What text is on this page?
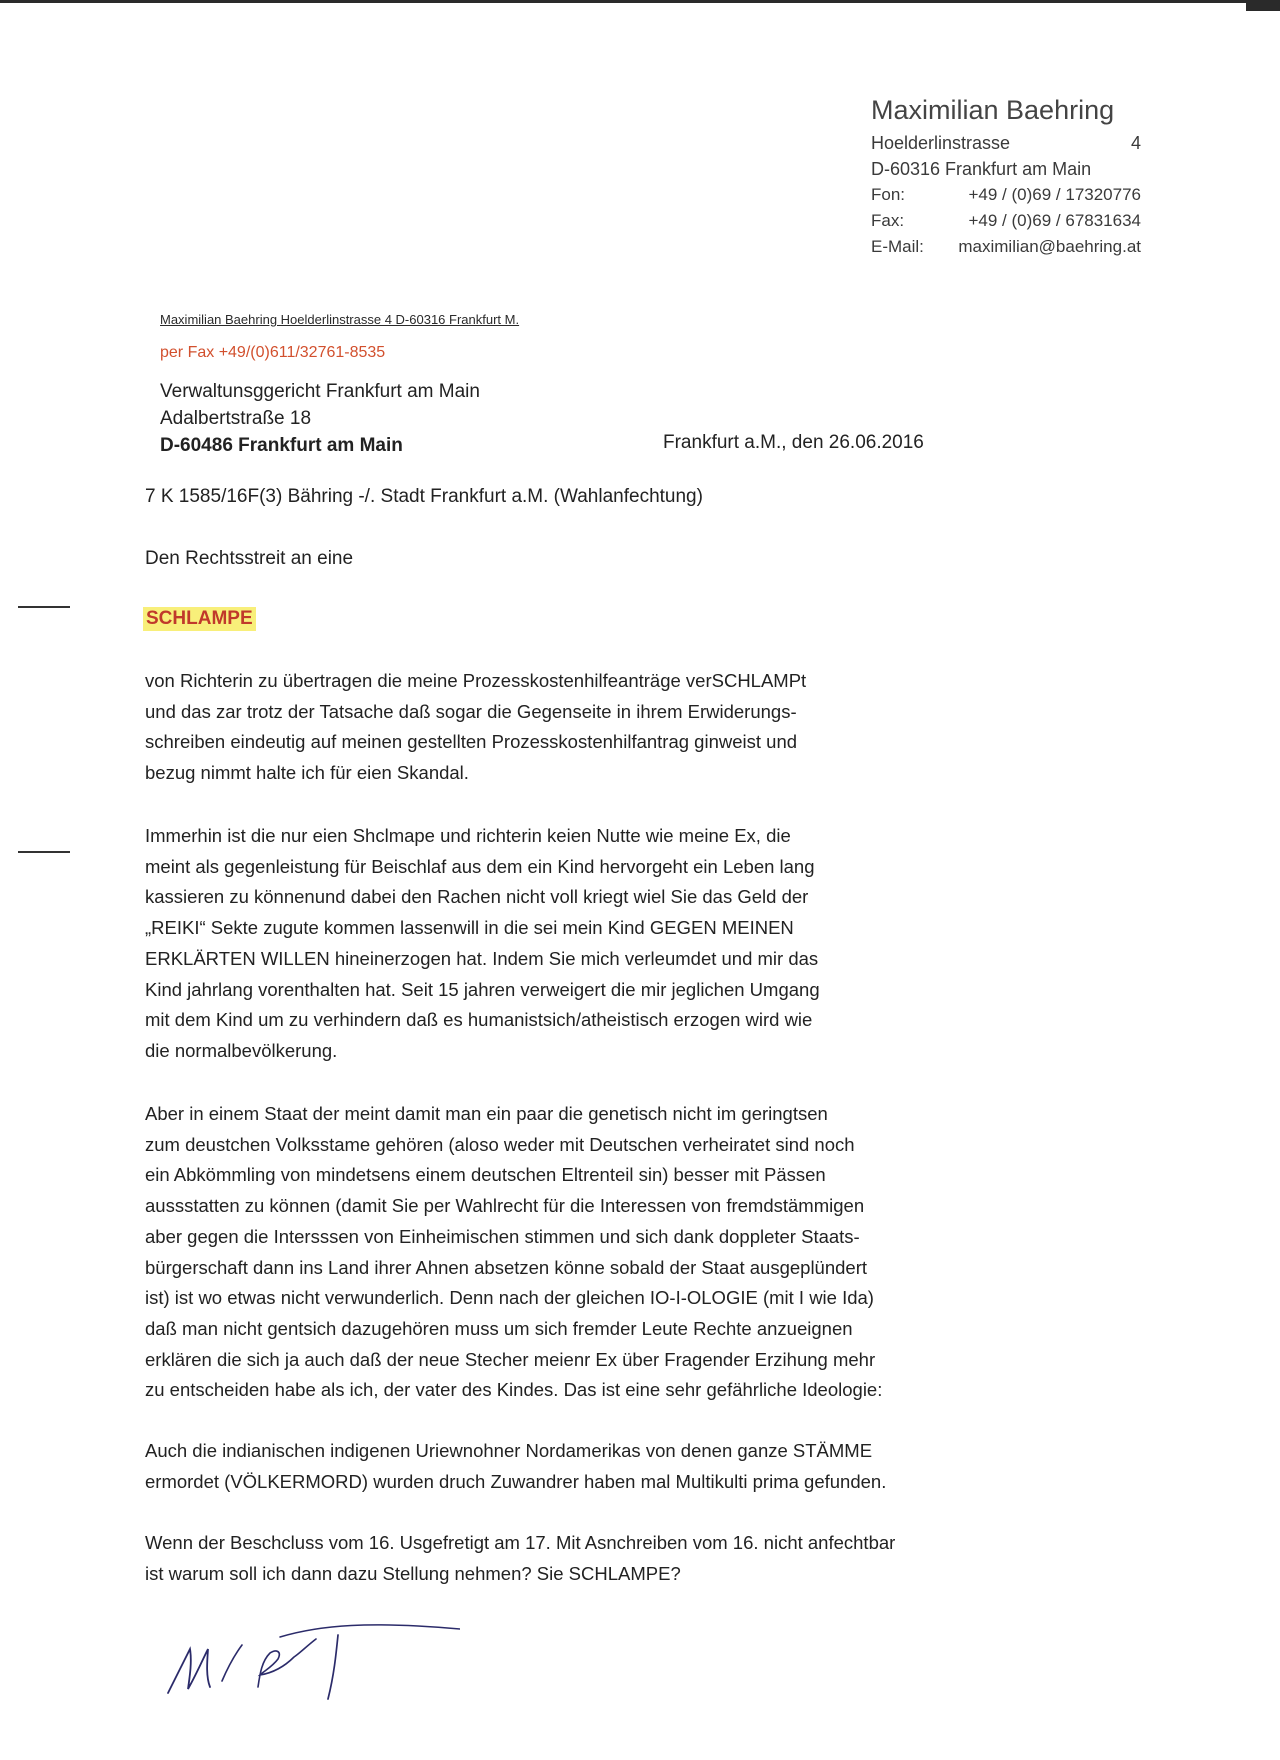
Maximilian Baehring
Hoelderlinstrasse	4
D-60316 Frankfurt am Main
Fon:	+49 / (0)69 / 17320776
Fax:	+49 / (0)69 / 67831634
E-Mail:	maximilian@baehring.at
Maximilian Baehring Hoelderlinstrasse 4 D-60316 Frankfurt M.
per Fax +49/(0)611/32761-8535
Verwaltunsggericht Frankfurt am Main
Adalbertstraße 18
D-60486 Frankfurt am Main	Frankfurt a.M., den 26.06.2016
7 K 1585/16F(3) Bähring -/. Stadt Frankfurt a.M. (Wahlanfechtung)
Den Rechtsstreit an eine
SCHLAMPE

von Richterin zu übertragen die meine Prozesskostenhilfeanträge verSCHLAMPt

und das zar trotz der Tatsache daß sogar die Gegenseite in ihrem Erwiderungs-

schreiben eindeutig auf meinen gestellten Prozesskostenhilfantrag ginweist und

bezug nimmt halte ich für eien Skandal.

Immerhin ist die nur eien Shclmape und richterin keien Nutte wie meine Ex, die

meint als gegenleistung für Beischlaf aus dem ein Kind hervorgeht ein Leben lang

kassieren zu könnenund dabei den Rachen nicht voll kriegt wiel Sie das Geld der

„REIKI“ Sekte zugute kommen lassenwill in die sei mein Kind GEGEN MEINEN

ERKLÄRTEN WILLEN hineinerzogen hat. Indem Sie mich verleumdet und mir das

Kind jahrlang vorenthalten hat. Seit 15 jahren verweigert die mir jeglichen Umgang

mit dem Kind um zu verhindern daß es humanistsich/atheistisch erzogen wird wie

die normalbevölkerung.

Aber in einem Staat der meint damit man ein paar die genetisch nicht im geringtsen

zum deustchen Volksstame gehören (aloso weder mit Deutschen verheiratet sind noch

ein Abkömmling von mindetsens einem deutschen Eltrenteil sin) besser mit Pässen

aussstatten zu können (damit Sie per Wahlrecht für die Interessen von fremdstämmigen

aber gegen die Intersssen von Einheimischen stimmen und sich dank doppleter Staats-

bürgerschaft dann ins Land ihrer Ahnen absetzen könne sobald der Staat ausgeplündert

ist) ist wo etwas nicht verwunderlich. Denn nach der gleichen IO-I-OLOGIE (mit I wie Ida)

daß man nicht gentsich dazugehören muss um sich fremder Leute Rechte anzueignen

erklären die sich ja auch daß der neue Stecher meienr Ex über Fragender Erzihung mehr

zu entscheiden habe als ich, der vater des Kindes. Das ist eine sehr gefährliche Ideologie:

Auch die indianischen indigenen Uriewnohner Nordamerikas von denen ganze STÄMME

ermordet (VÖLKERMORD) wurden druch Zuwandrer haben mal Multikulti prima gefunden.

Wenn der Beschcluss vom 16. Usgefretigt am 17. Mit Asnchreiben vom 16. nicht anfechtbar

ist warum soll ich dann dazu Stellung nehmen? Sie SCHLAMPE?
